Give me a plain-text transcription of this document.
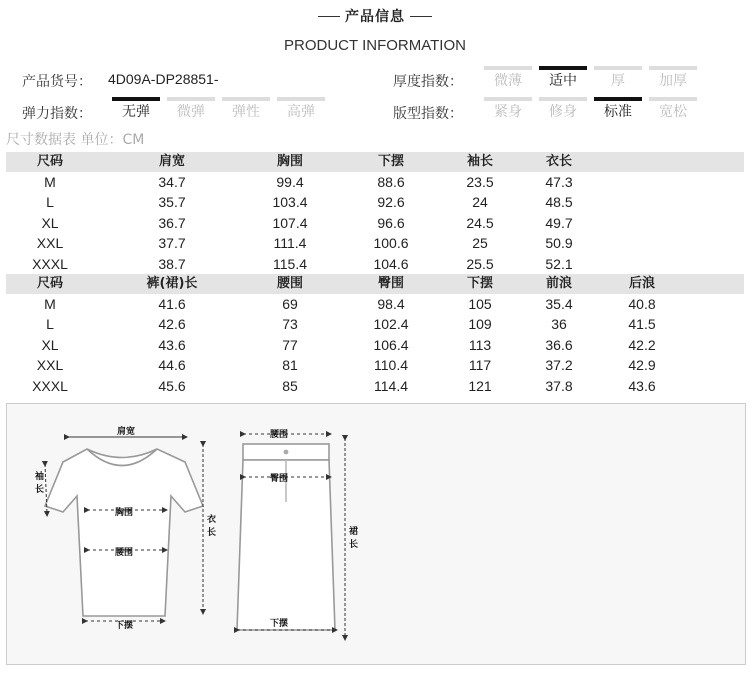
产品信息
PRODUCT INFORMATION
产品货号： 4D09A-DP28851-
弹力指数：	无弹	微弹	弹性	高弹
厚度指数：	微薄	适中	厚	加厚
版型指数：	紧身	修身	标准	宽松
尺寸数据表 单位：CM
尺码	肩宽	胸围	下摆	袖长	衣长
M	34.7	99.4	88.6	23.5	47.3
L	35.7	103.4	92.6	24	48.5
XL	36.7	107.4	96.6	24.5	49.7
XXL	37.7	111.4	100.6	25	50.9
XXXL	38.7	115.4	104.6	25.5	52.1
尺码	裤(裙)长	腰围	臀围	下摆	前浪	后浪
M	41.6	69	98.4	105	35.4	40.8
L	42.6	73	102.4	109	36	41.5
XL	43.6	77	106.4	113	36.6	42.2
XXL	44.6	81	110.4	117	37.2	42.9
XXXL	45.6	85	114.4	121	37.8	43.6
肩宽
袖
长
胸围
腰围
衣
长
下摆
腰围
臀围
裙
长
下摆
